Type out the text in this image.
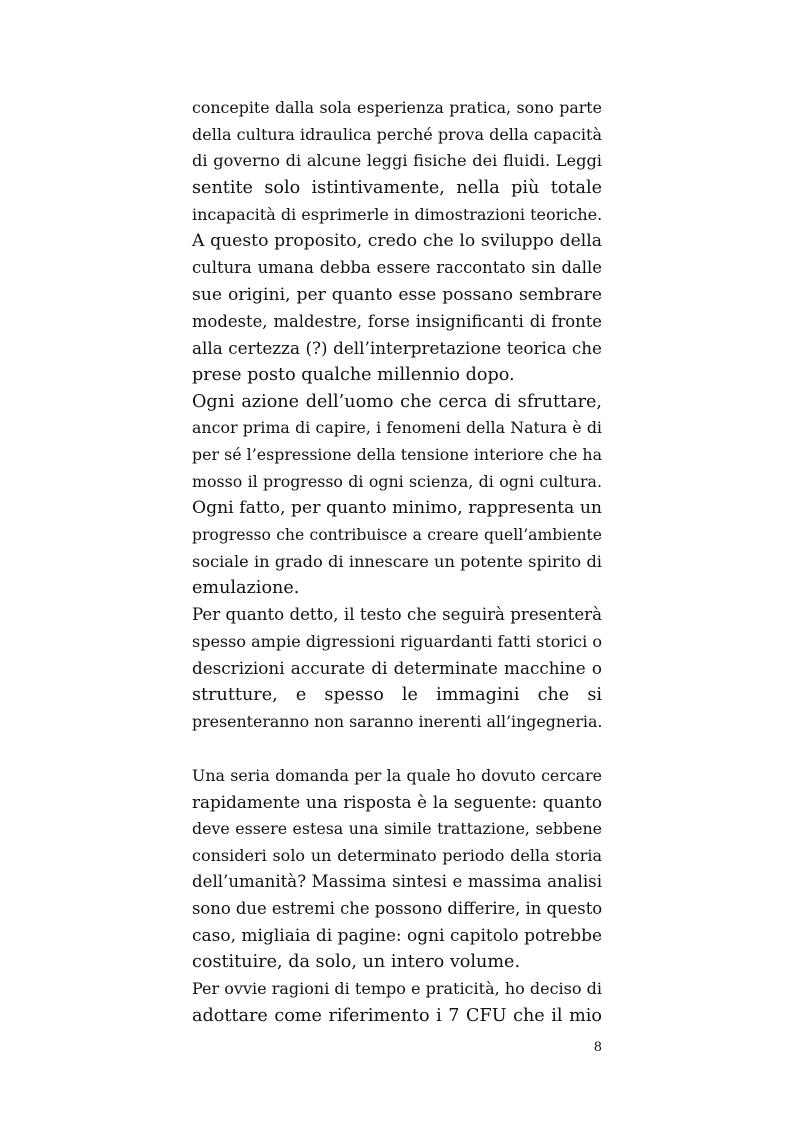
concepite dalla sola esperienza pratica, sono parte
della cultura idraulica perché prova della capacità
di governo di alcune leggi fisiche dei fluidi. Leggi
sentite solo istintivamente, nella più totale
incapacità di esprimerle in dimostrazioni teoriche.
A questo proposito, credo che lo sviluppo della
cultura umana debba essere raccontato sin dalle
sue origini, per quanto esse possano sembrare
modeste, maldestre, forse insignificanti di fronte
alla certezza (?) dell’interpretazione teorica che
prese posto qualche millennio dopo.
Ogni azione dell’uomo che cerca di sfruttare,
ancor prima di capire, i fenomeni della Natura è di
per sé l’espressione della tensione interiore che ha
mosso il progresso di ogni scienza, di ogni cultura.
Ogni fatto, per quanto minimo, rappresenta un
progresso che contribuisce a creare quell’ambiente
sociale in grado di innescare un potente spirito di
emulazione.
Per quanto detto, il testo che seguirà presenterà
spesso ampie digressioni riguardanti fatti storici o
descrizioni accurate di determinate macchine o
strutture, e spesso le immagini che si
presenteranno non saranno inerenti all’ingegneria.
Una seria domanda per la quale ho dovuto cercare
rapidamente una risposta è la seguente: quanto
deve essere estesa una simile trattazione, sebbene
consideri solo un determinato periodo della storia
dell’umanità? Massima sintesi e massima analisi
sono due estremi che possono differire, in questo
caso, migliaia di pagine: ogni capitolo potrebbe
costituire, da solo, un intero volume.
Per ovvie ragioni di tempo e praticità, ho deciso di
adottare come riferimento i 7 CFU che il mio
8
